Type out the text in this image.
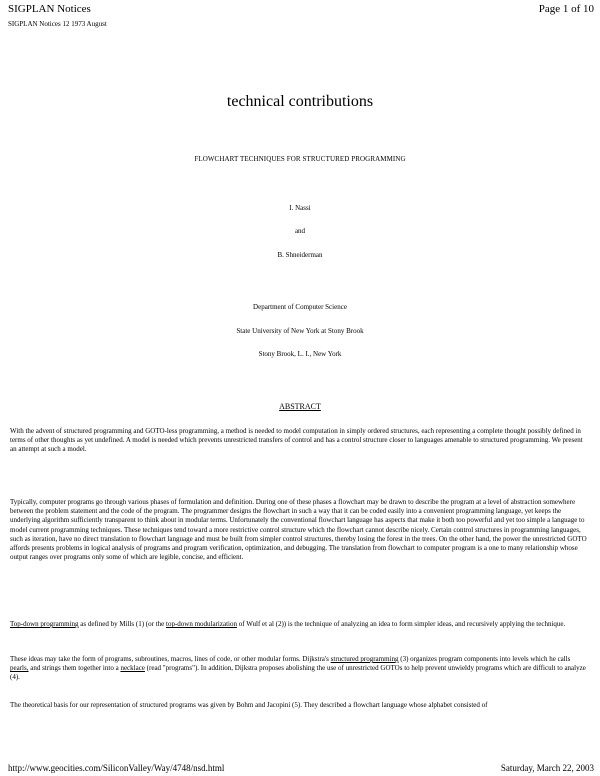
SIGPLAN Notices	Page 1 of 10
SIGPLAN Notices 12 1973 August
technical contributions
FLOWCHART TECHNIQUES FOR STRUCTURED PROGRAMMING
I. Nassi
and
B. Shneiderman
Department of Computer Science
State University of New York at Stony Brook
Stony Brook, L. I., New York
ABSTRACT
With the advent of structured programming and GOTO-less programming, a method is needed to model computation in simply ordered structures, each representing a complete thought possibly defined in terms of other thoughts as yet undefined. A model is needed which prevents unrestricted transfers of control and has a control structure closer to languages amenable to structured programming. We present an attempt at such a model.
Typically, computer programs go through various phases of formulation and definition. During one of these phases a flowchart may be drawn to describe the program at a level of abstraction somewhere between the problem statement and the code of the program. The programmer designs the flowchart in such a way that it can be coded easily into a convenient programming language, yet keeps the underlying algorithm sufficiently transparent to think about in modular terms. Unfortunately the conventional flowchart language has aspects that make it both too powerful and yet too simple a language to model current programming techniques. These techniques tend toward a more restrictive control structure which the flowchart cannot describe nicely. Certain control structures in programming languages, such as iteration, have no direct translation to flowchart language and must be built from simpler control structures, thereby losing the forest in the trees. On the other hand, the power the unrestricted GOTO affords presents problems in logical analysis of programs and program verification, optimization, and debugging. The translation from flowchart to computer program is a one to many relationship whose output ranges over programs only some of which are legible, concise, and efficient.
Top-down programming as defined by Mills (1) (or the top-down modularization of Wulf et al (2)) is the technique of analyzing an idea to form simpler ideas, and recursively applying the technique.
These ideas may take the form of programs, subroutines, macros, lines of code, or other modular forms. Dijkstra's structured programming (3) organizes program components into levels which he calls pearls, and strings them together into a necklace (read "programs"). In addition, Dijkstra proposes abolishing the use of unrestricted GOTOs to help prevent unwieldy programs which are difficult to analyze (4).
The theoretical basis for our representation of structured programs was given by Bohm and Jacopini (5). They described a flowchart language whose alphabet consisted of
http://www.geocities.com/SiliconValley/Way/4748/nsd.html	Saturday, March 22, 2003
